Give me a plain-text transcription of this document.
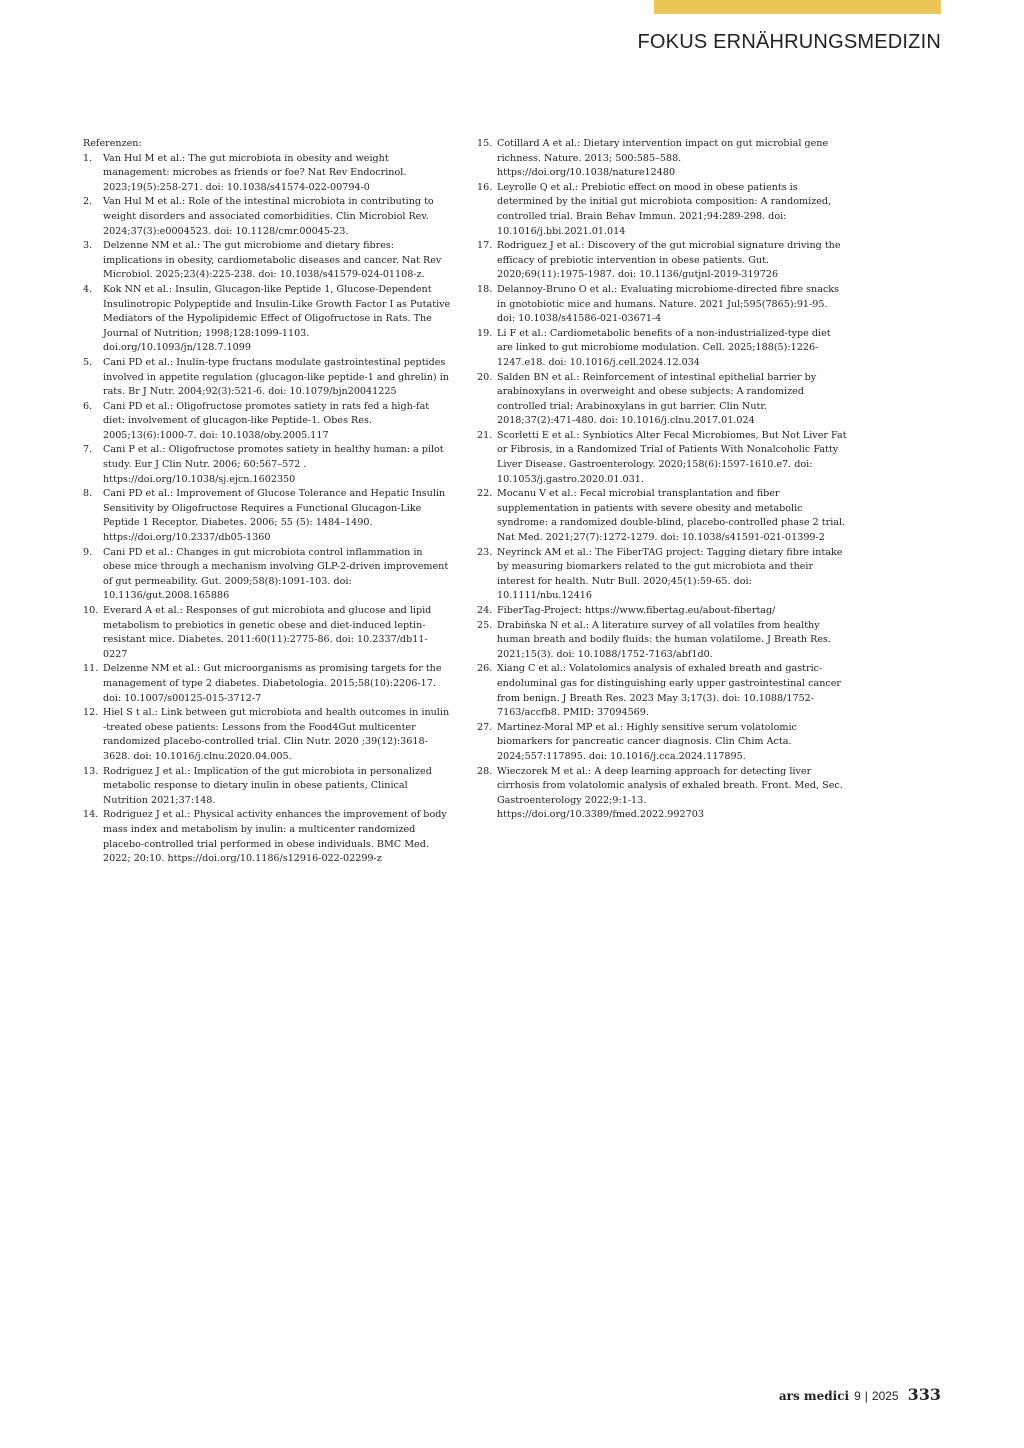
FOKUS ERNÄHRUNGSMEDIZIN

Referenzen:

1. Van Hul M et al.: The gut microbiota in obesity and weight management: microbes as friends or foe? Nat Rev Endocrinol. 2023;19(5):258-271. doi: 10.1038/s41574-022-00794-0
2. Van Hul M et al.: Role of the intestinal microbiota in contributing to weight disorders and associated comorbidities. Clin Microbiol Rev. 2024;37(3):e0004523. doi: 10.1128/cmr.00045-23.
3. Delzenne NM et al.: The gut microbiome and dietary fibres: implications in obesity, cardiometabolic diseases and cancer. Nat Rev Microbiol. 2025;23(4):225-238. doi: 10.1038/s41579-024-01108-z.
4. Kok NN et al.: Insulin, Glucagon-like Peptide 1, Glucose-Dependent Insulinotropic Polypeptide and Insulin-Like Growth Factor I as Putative Mediators of the Hypolipidemic Effect of Oligofructose in Rats. The Journal of Nutrition; 1998;128:1099-1103. doi.org/10.1093/jn/128.7.1099
5. Cani PD et al.: Inulin-type fructans modulate gastrointestinal peptides involved in appetite regulation (glucagon-like peptide-1 and ghrelin) in rats. Br J Nutr. 2004;92(3):521-6. doi: 10.1079/bjn20041225
6. Cani PD et al.: Oligofructose promotes satiety in rats fed a high-fat diet: involvement of glucagon-like Peptide-1. Obes Res. 2005;13(6):1000-7. doi: 10.1038/oby.2005.117
7. Cani P et al.: Oligofructose promotes satiety in healthy human: a pilot study. Eur J Clin Nutr. 2006; 60:567–572 . https://doi.org/10.1038/sj.ejcn.1602350
8. Cani PD et al.: Improvement of Glucose Tolerance and Hepatic Insulin Sensitivity by Oligofructose Requires a Functional Glucagon-Like Peptide 1 Receptor. Diabetes. 2006; 55 (5): 1484–1490. https://doi.org/10.2337/db05-1360
9. Cani PD et al.: Changes in gut microbiota control inflammation in obese mice through a mechanism involving GLP-2-driven improvement of gut permeability. Gut. 2009;58(8):1091-103. doi: 10.1136/gut.2008.165886
10. Everard A et al.: Responses of gut microbiota and glucose and lipid metabolism to prebiotics in genetic obese and diet-induced leptin-resistant mice. Diabetes. 2011:60(11):2775-86. doi: 10.2337/db11-0227
11. Delzenne NM et al.: Gut microorganisms as promising targets for the management of type 2 diabetes. Diabetologia. 2015;58(10):2206-17. doi: 10.1007/s00125-015-3712-7
12. Hiel S t al.: Link between gut microbiota and health outcomes in inulin -treated obese patients: Lessons from the Food4Gut multicenter randomized placebo-controlled trial. Clin Nutr. 2020 ;39(12):3618-3628. doi: 10.1016/j.clnu.2020.04.005.
13. Rodriguez J et al.: Implication of the gut microbiota in personalized metabolic response to dietary inulin in obese patients, Clinical Nutrition 2021;37:148.
14. Rodriguez J et al.: Physical activity enhances the improvement of body mass index and metabolism by inulin: a multicenter randomized placebo-controlled trial performed in obese individuals. BMC Med. 2022; 20:10. https://doi.org/10.1186/s12916-022-02299-z
15. Cotillard A et al.: Dietary intervention impact on gut microbial gene richness. Nature. 2013; 500:585–588. https://doi.org/10.1038/nature12480
16. Leyrolle Q et al.: Prebiotic effect on mood in obese patients is determined by the initial gut microbiota composition: A randomized, controlled trial. Brain Behav Immun. 2021;94:289-298. doi: 10.1016/j.bbi.2021.01.014
17. Rodriguez J et al.: Discovery of the gut microbial signature driving the efficacy of prebiotic intervention in obese patients. Gut. 2020;69(11):1975-1987. doi: 10.1136/gutjnl-2019-319726
18. Delannoy-Bruno O et al.: Evaluating microbiome-directed fibre snacks in gnotobiotic mice and humans. Nature. 2021 Jul;595(7865):91-95. doi: 10.1038/s41586-021-03671-4
19. Li F et al.: Cardiometabolic benefits of a non-industrialized-type diet are linked to gut microbiome modulation. Cell. 2025;188(5):1226-1247.e18. doi: 10.1016/j.cell.2024.12.034
20. Salden BN et al.: Reinforcement of intestinal epithelial barrier by arabinoxylans in overweight and obese subjects: A randomized controlled trial: Arabinoxylans in gut barrier. Clin Nutr. 2018;37(2):471-480. doi: 10.1016/j.clnu.2017.01.024
21. Scorletti E et al.: Synbiotics Alter Fecal Microbiomes, But Not Liver Fat or Fibrosis, in a Randomized Trial of Patients With Nonalcoholic Fatty Liver Disease. Gastroenterology. 2020;158(6):1597-1610.e7. doi: 10.1053/j.gastro.2020.01.031.
22. Mocanu V et al.: Fecal microbial transplantation and fiber supplementation in patients with severe obesity and metabolic syndrome: a randomized double-blind, placebo-controlled phase 2 trial. Nat Med. 2021;27(7):1272-1279. doi: 10.1038/s41591-021-01399-2
23. Neyrinck AM et al.: The FiberTAG project: Tagging dietary fibre intake by measuring biomarkers related to the gut microbiota and their interest for health. Nutr Bull. 2020;45(1):59-65. doi: 10.1111/nbu.12416
24. FiberTag-Project: https://www.fibertag.eu/about-fibertag/
25. Drabińska N et al.: A literature survey of all volatiles from healthy human breath and bodily fluids: the human volatilome. J Breath Res. 2021;15(3). doi: 10.1088/1752-7163/abf1d0.
26. Xiang C et al.: Volatolomics analysis of exhaled breath and gastric-endoluminal gas for distinguishing early upper gastrointestinal cancer from benign. J Breath Res. 2023 May 3;17(3). doi: 10.1088/1752-7163/accfb8. PMID: 37094569.
27. Martinez-Moral MP et al.: Highly sensitive serum volatolomic biomarkers for pancreatic cancer diagnosis. Clin Chim Acta. 2024;557:117895. doi: 10.1016/j.cca.2024.117895.
28. Wieczorek M et al.: A deep learning approach for detecting liver cirrhosis from volatolomic analysis of exhaled breath. Front. Med, Sec. Gastroenterology 2022;9:1-13. https://doi.org/10.3389/fmed.2022.992703
ars medici 9 | 2025 333
